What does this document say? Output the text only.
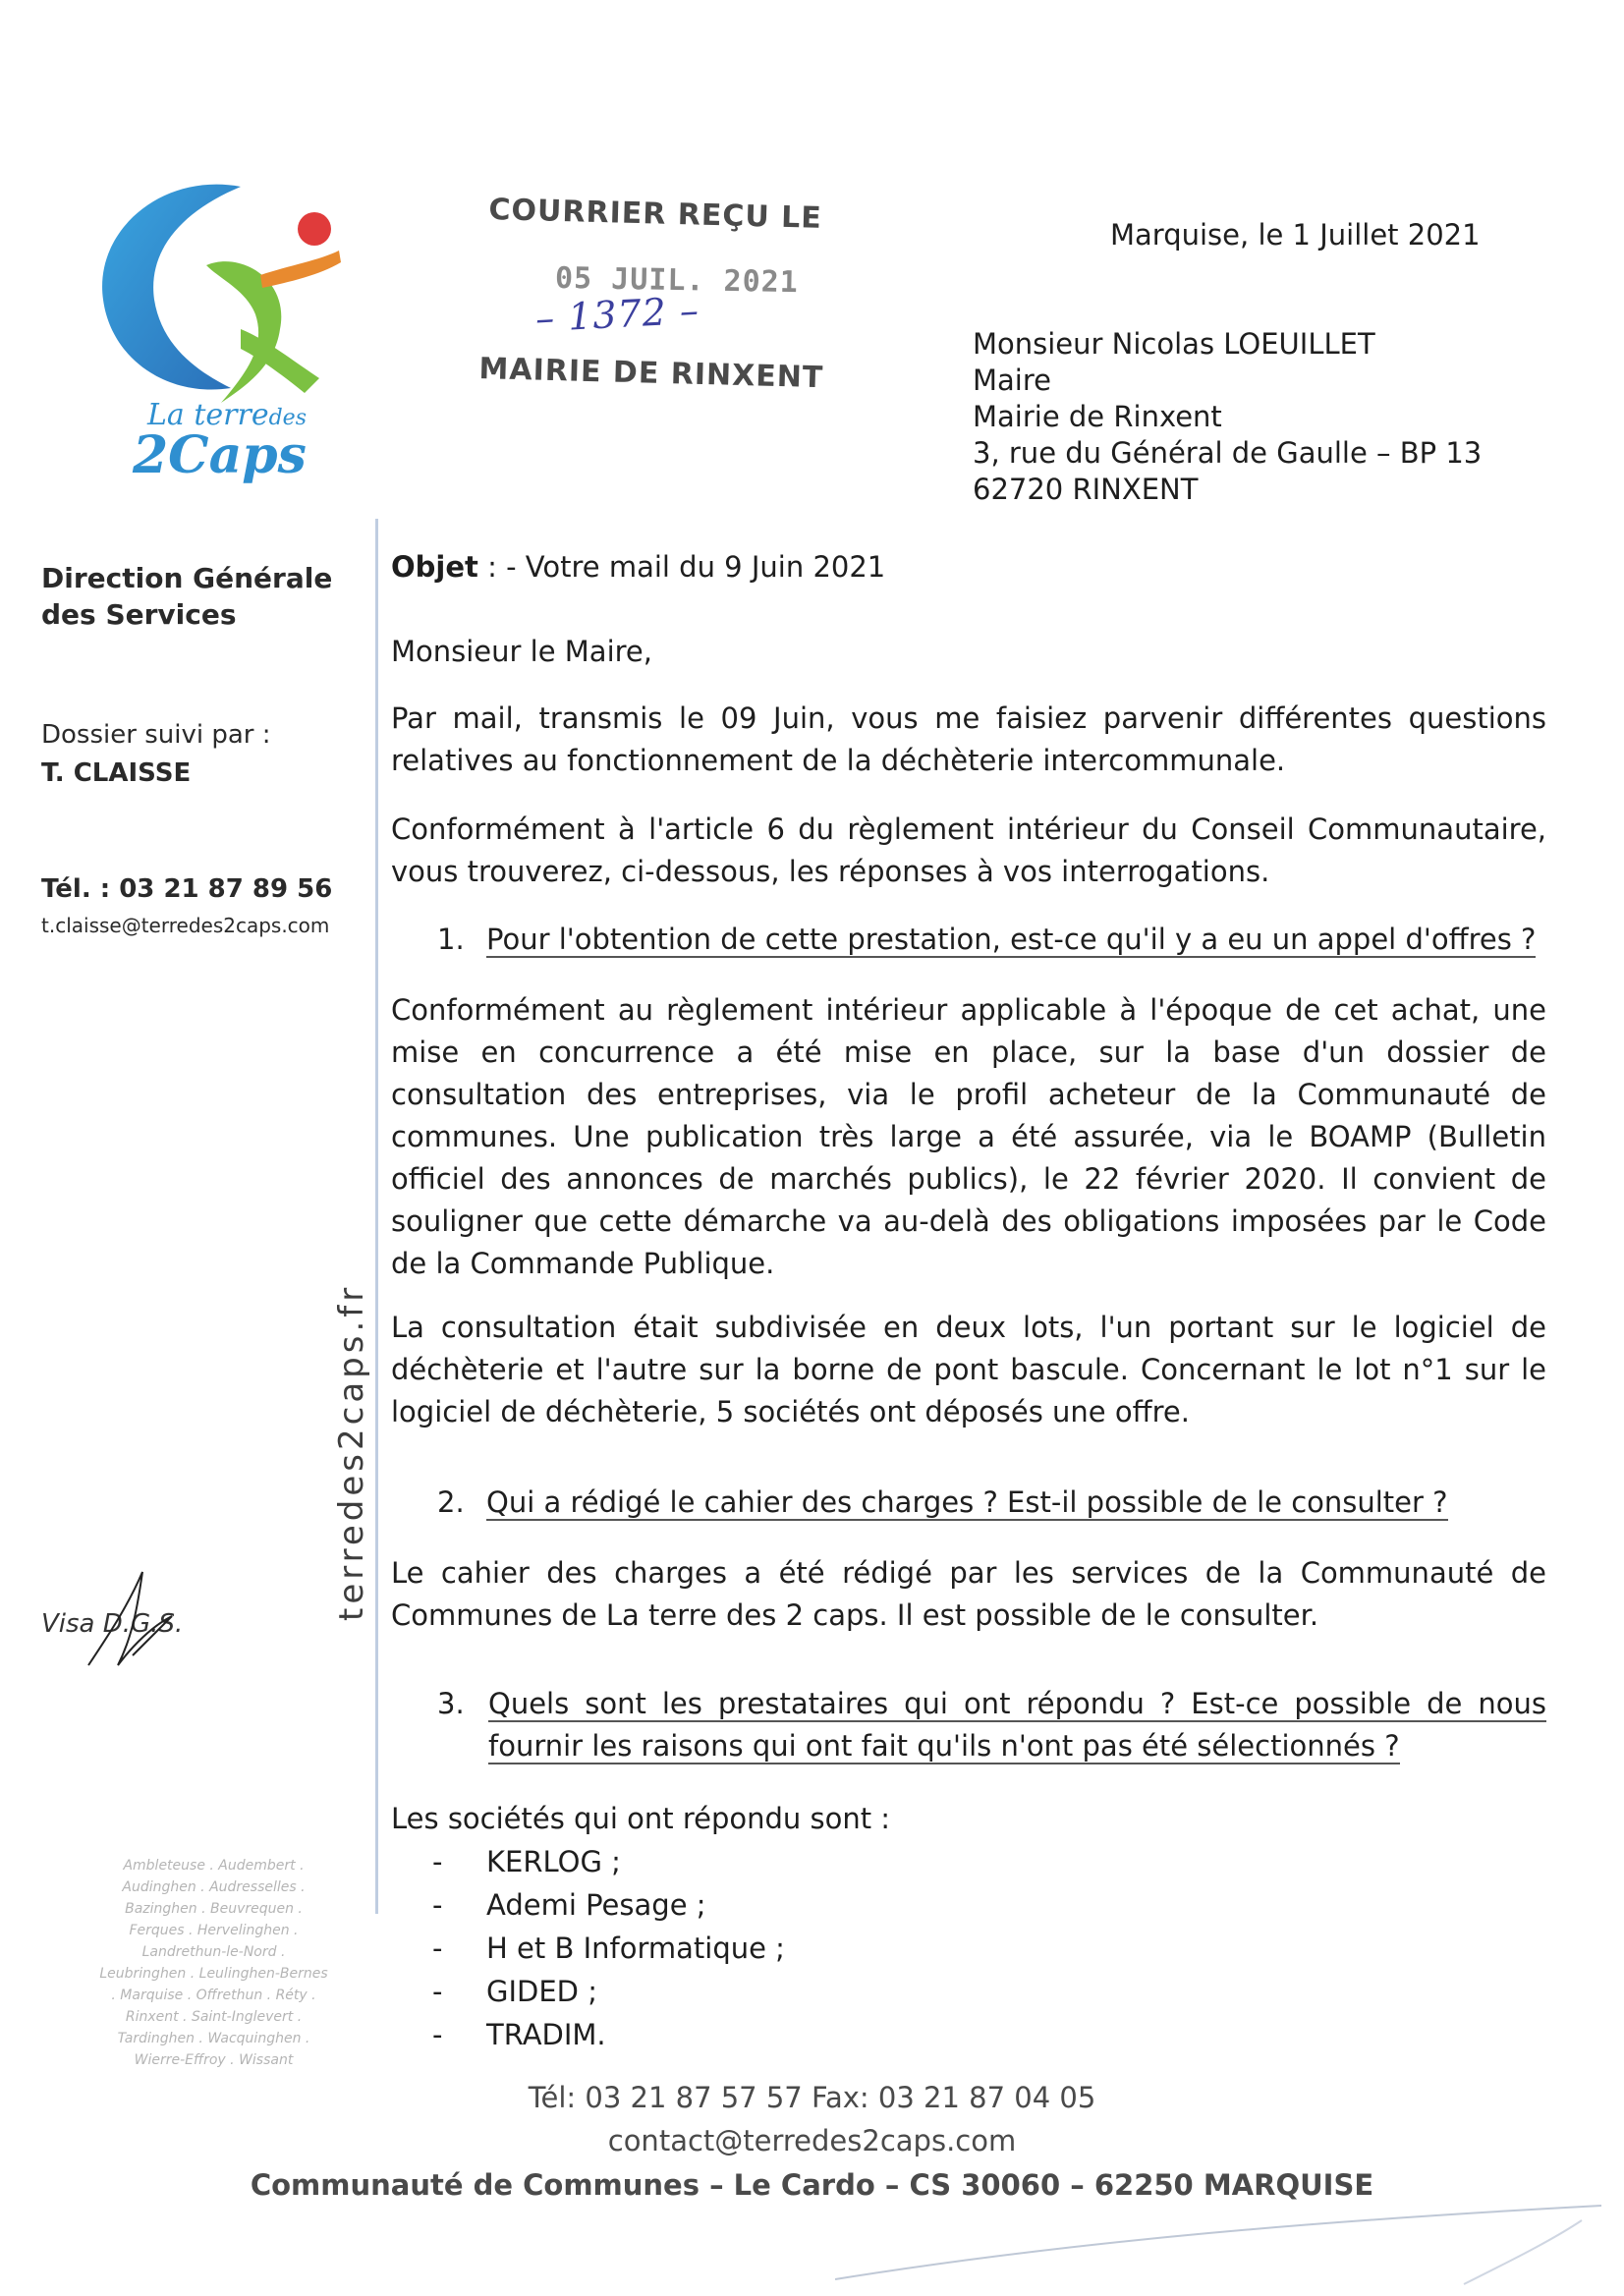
La terredes
2Caps
COURRIER REÇU LE
05 JUIL. 2021
– 1372 –
MAIRIE DE RINXENT
Marquise, le 1 Juillet 2021
Monsieur Nicolas LOEUILLET
Maire
Mairie de Rinxent
3, rue du Général de Gaulle – BP 13
62720 RINXENT
Direction Générale
des Services
Dossier suivi par :
T. CLAISSE
Tél. : 03 21 87 89 56
t.claisse@terredes2caps.com
Visa D.G.S.
terredes2caps.fr
Objet : - Votre mail du 9 Juin 2021
Monsieur le Maire,
Par mail, transmis le 09 Juin, vous me faisiez parvenir différentes questions relatives au fonctionnement de la déchèterie intercommunale.
Conformément à l'article 6 du règlement intérieur du Conseil Communautaire, vous trouverez, ci-dessous, les réponses à vos interrogations.
1. Pour l'obtention de cette prestation, est-ce qu'il y a eu un appel d'offres ?
Conformément au règlement intérieur applicable à l'époque de cet achat, une mise en concurrence a été mise en place, sur la base d'un dossier de consultation des entreprises, via le profil acheteur de la Communauté de communes. Une publication très large a été assurée, via le BOAMP (Bulletin officiel des annonces de marchés publics), le 22 février 2020. Il convient de souligner que cette démarche va au-delà des obligations imposées par le Code de la Commande Publique.
La consultation était subdivisée en deux lots, l'un portant sur le logiciel de déchèterie et l'autre sur la borne de pont bascule. Concernant le lot n°1 sur le logiciel de déchèterie, 5 sociétés ont déposés une offre.
2. Qui a rédigé le cahier des charges ? Est-il possible de le consulter ?
Le cahier des charges a été rédigé par les services de la Communauté de Communes de La terre des 2 caps. Il est possible de le consulter.
3. Quels sont les prestataires qui ont répondu ? Est-ce possible de nous fournir les raisons qui ont fait qu'ils n'ont pas été sélectionnés ?
Les sociétés qui ont répondu sont :
- KERLOG ;
- Ademi Pesage ;
- H et B Informatique ;
- GIDED ;
- TRADIM.
Ambleteuse . Audembert . Audinghen . Audresselles . Bazinghen . Beuvrequen . Ferques . Hervelinghen . Landrethun-le-Nord . Leubringhen . Leulinghen-Bernes . Marquise . Offrethun . Réty . Rinxent . Saint-Inglevert . Tardinghen . Wacquinghen . Wierre-Effroy . Wissant
Tél: 03 21 87 57 57 Fax: 03 21 87 04 05
contact@terredes2caps.com
Communauté de Communes – Le Cardo – CS 30060 – 62250 MARQUISE
